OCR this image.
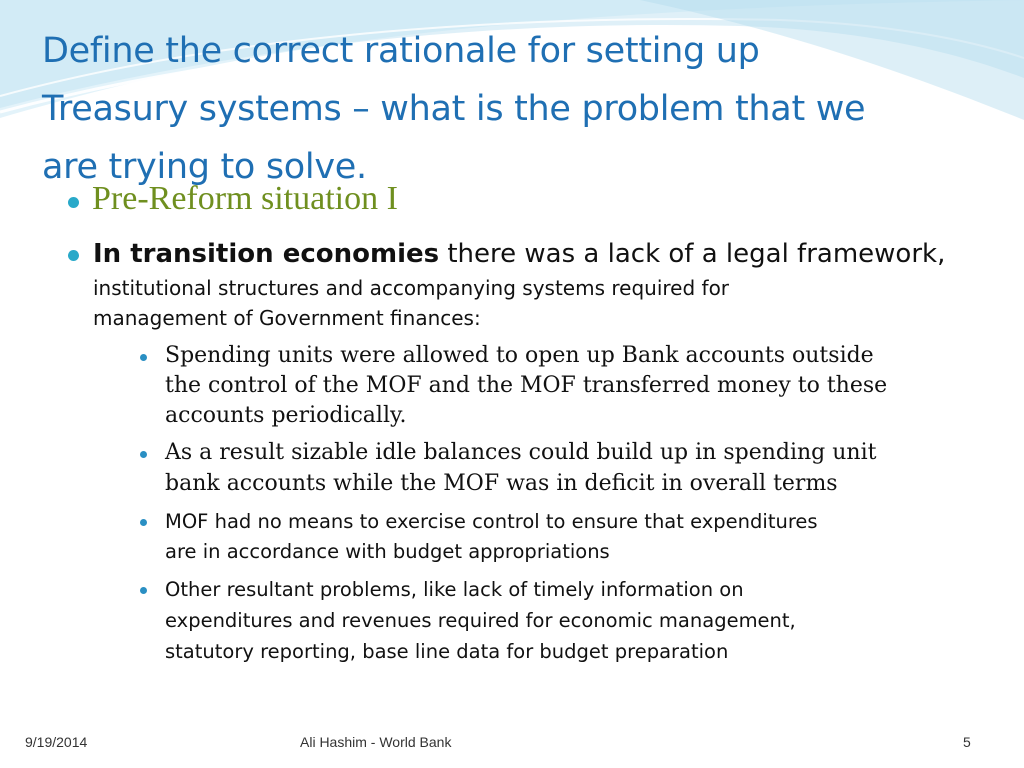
Define the correct rationale for setting up
Treasury systems – what is the problem that we
are trying to solve.
Pre-Reform situation I
In transition economies there was a lack of a legal framework,
institutional structures and accompanying systems required for
management of Government finances:
Spending units were allowed to open up Bank accounts outside
the control of the MOF and the MOF transferred money to these
accounts periodically.
As a result sizable idle balances could build up in spending unit
bank accounts while the MOF was in deficit in overall terms
MOF had no means to exercise control to ensure that expenditures
are in accordance with budget appropriations
Other resultant problems, like lack of timely information on
expenditures and revenues required for economic management,
statutory reporting, base line data for budget preparation
9/19/2014	Ali Hashim - World Bank	5
